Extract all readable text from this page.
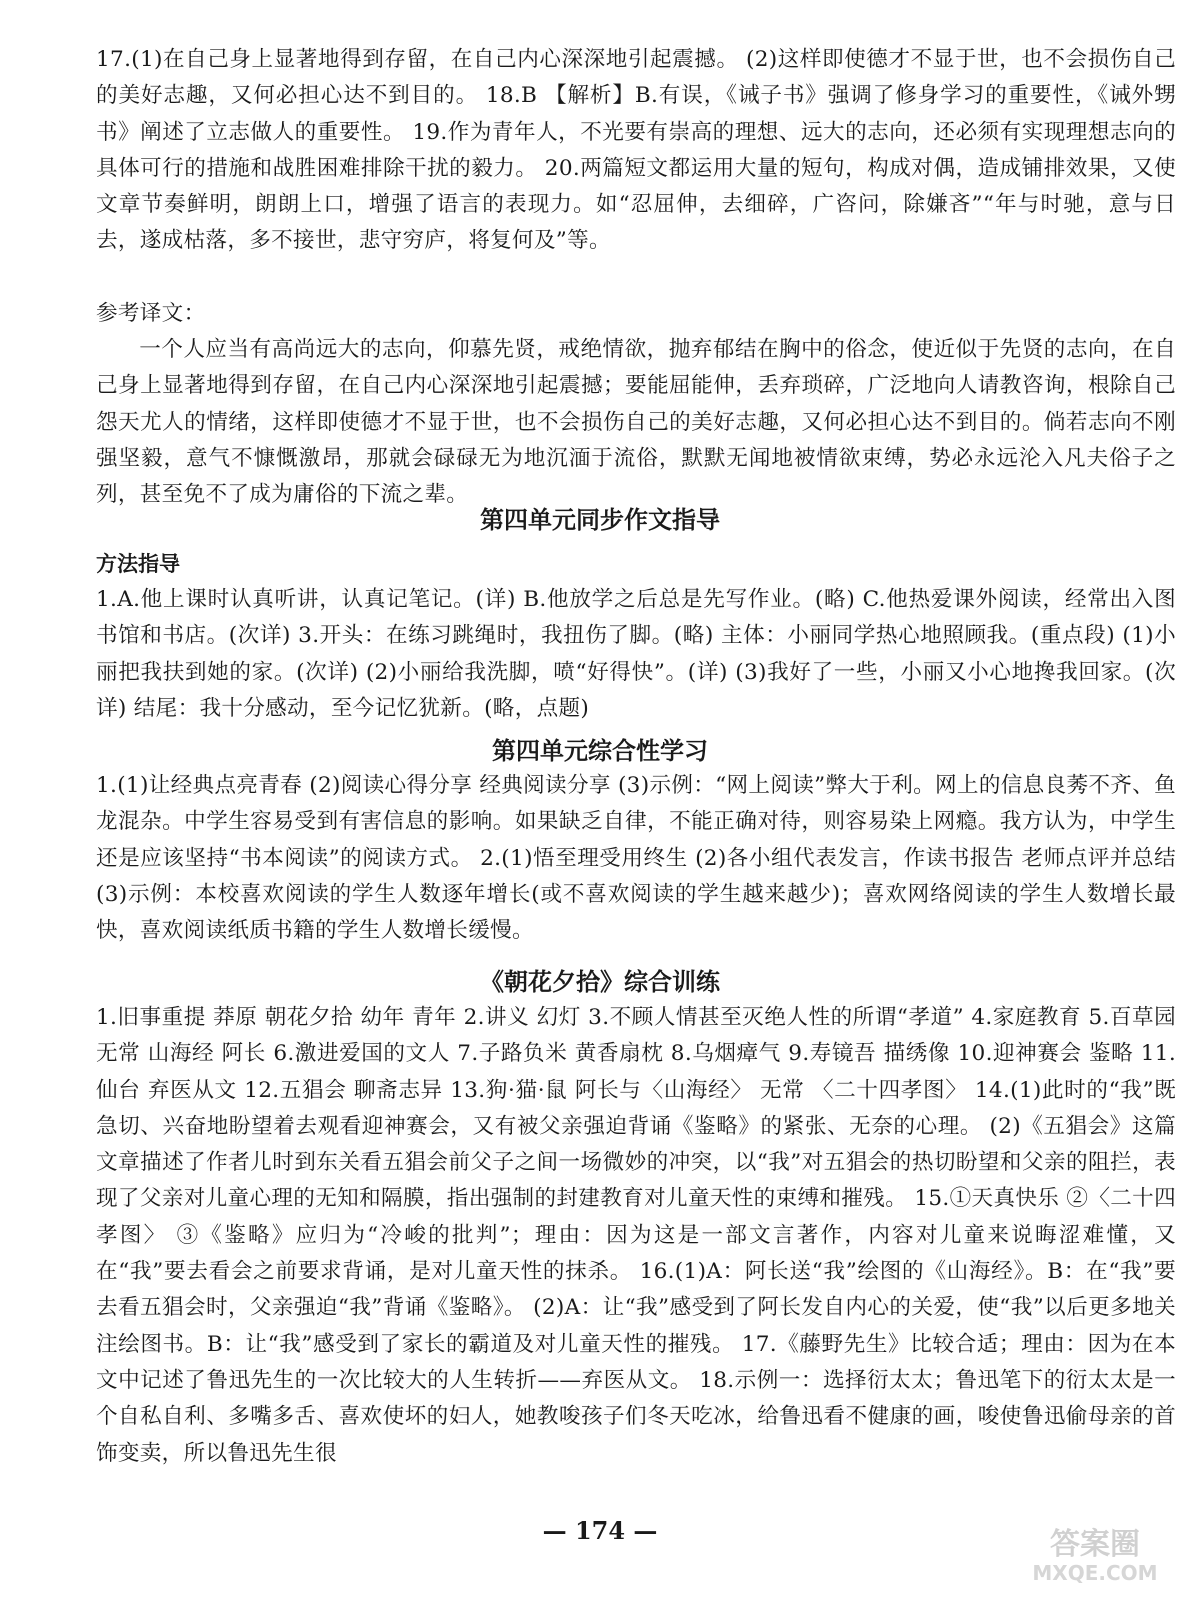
17.(1)在自己身上显著地得到存留，在自己内心深深地引起震撼。 (2)这样即使德才不显于世，也不会损伤自己的美好志趣，又何必担心达不到目的。 18.B 【解析】B.有误，《诫子书》强调了修身学习的重要性，《诫外甥书》阐述了立志做人的重要性。 19.作为青年人，不光要有崇高的理想、远大的志向，还必须有实现理想志向的具体可行的措施和战胜困难排除干扰的毅力。 20.两篇短文都运用大量的短句，构成对偶，造成铺排效果，又使文章节奏鲜明，朗朗上口，增强了语言的表现力。如“忍屈伸，去细碎，广咨问，除嫌吝”“年与时驰，意与日去，遂成枯落，多不接世，悲守穷庐，将复何及”等。
参考译文：
一个人应当有高尚远大的志向，仰慕先贤，戒绝情欲，抛弃郁结在胸中的俗念，使近似于先贤的志向，在自己身上显著地得到存留，在自己内心深深地引起震撼；要能屈能伸，丢弃琐碎，广泛地向人请教咨询，根除自己怨天尤人的情绪，这样即使德才不显于世，也不会损伤自己的美好志趣，又何必担心达不到目的。倘若志向不刚强坚毅，意气不慷慨激昂，那就会碌碌无为地沉湎于流俗，默默无闻地被情欲束缚，势必永远沦入凡夫俗子之列，甚至免不了成为庸俗的下流之辈。
第四单元同步作文指导
方法指导
1.A.他上课时认真听讲，认真记笔记。(详) B.他放学之后总是先写作业。(略) C.他热爱课外阅读，经常出入图书馆和书店。(次详) 3.开头：在练习跳绳时，我扭伤了脚。(略) 主体：小丽同学热心地照顾我。(重点段) (1)小丽把我扶到她的家。(次详) (2)小丽给我洗脚，喷“好得快”。(详) (3)我好了一些，小丽又小心地搀我回家。(次详) 结尾：我十分感动，至今记忆犹新。(略，点题)
第四单元综合性学习
1.(1)让经典点亮青春 (2)阅读心得分享 经典阅读分享 (3)示例：“网上阅读”弊大于利。网上的信息良莠不齐、鱼龙混杂。中学生容易受到有害信息的影响。如果缺乏自律，不能正确对待，则容易染上网瘾。我方认为，中学生还是应该坚持“书本阅读”的阅读方式。 2.(1)悟至理受用终生 (2)各小组代表发言，作读书报告 老师点评并总结 (3)示例：本校喜欢阅读的学生人数逐年增长(或不喜欢阅读的学生越来越少)；喜欢网络阅读的学生人数增长最快，喜欢阅读纸质书籍的学生人数增长缓慢。
《朝花夕拾》综合训练
1.旧事重提 莽原 朝花夕拾 幼年 青年 2.讲义 幻灯 3.不顾人情甚至灭绝人性的所谓“孝道” 4.家庭教育 5.百草园 无常 山海经 阿长 6.激进爱国的文人 7.子路负米 黄香扇枕 8.乌烟瘴气 9.寿镜吾 描绣像 10.迎神赛会 鉴略 11.仙台 弃医从文 12.五猖会 聊斋志异 13.狗·猫·鼠 阿长与〈山海经〉 无常 〈二十四孝图〉 14.(1)此时的“我”既急切、兴奋地盼望着去观看迎神赛会，又有被父亲强迫背诵《鉴略》的紧张、无奈的心理。 (2)《五猖会》这篇文章描述了作者儿时到东关看五猖会前父子之间一场微妙的冲突，以“我”对五猖会的热切盼望和父亲的阻拦，表现了父亲对儿童心理的无知和隔膜，指出强制的封建教育对儿童天性的束缚和摧残。 15.①天真快乐 ②〈二十四孝图〉 ③《鉴略》应归为“冷峻的批判”；理由：因为这是一部文言著作，内容对儿童来说晦涩难懂，又在“我”要去看会之前要求背诵，是对儿童天性的抹杀。 16.(1)A：阿长送“我”绘图的《山海经》。B：在“我”要去看五猖会时，父亲强迫“我”背诵《鉴略》。 (2)A：让“我”感受到了阿长发自内心的关爱，使“我”以后更多地关注绘图书。B：让“我”感受到了家长的霸道及对儿童天性的摧残。 17.《藤野先生》比较合适；理由：因为在本文中记述了鲁迅先生的一次比较大的人生转折——弃医从文。 18.示例一：选择衍太太；鲁迅笔下的衍太太是一个自私自利、多嘴多舌、喜欢使坏的妇人，她教唆孩子们冬天吃冰，给鲁迅看不健康的画，唆使鲁迅偷母亲的首饰变卖，所以鲁迅先生很
— 174 —	答案圈
MXQE.COM
